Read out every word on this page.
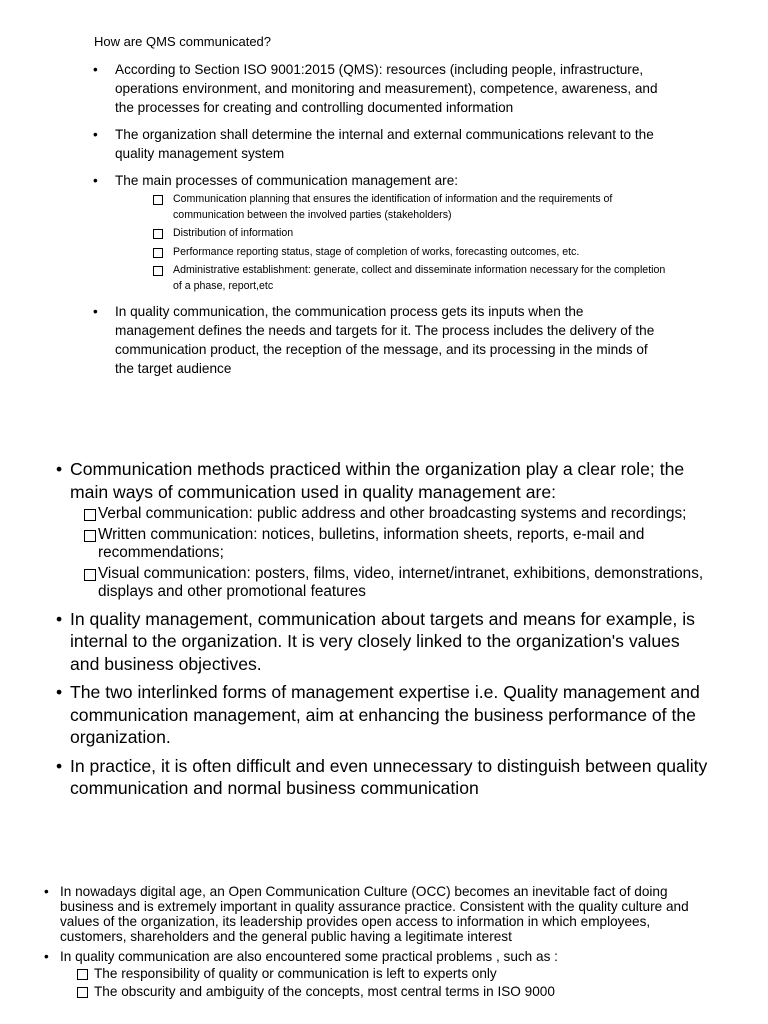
How are QMS communicated?
• According to Section ISO 9001:2015 (QMS): resources (including people, infrastructure, operations environment, and monitoring and measurement), competence, awareness, and the processes for creating and controlling documented information
• The organization shall determine the internal and external communications relevant to the quality management system
• The main processes of communication management are:
Communication planning that ensures the identification of information and the requirements of communication between the involved parties (stakeholders)
Distribution of information
Performance reporting status, stage of completion of works, forecasting outcomes, etc.
Administrative establishment: generate, collect and disseminate information necessary for the completion of a phase, report,etc
• In quality communication, the communication process gets its inputs when the management defines the needs and targets for it. The process includes the delivery of the communication product, the reception of the message, and its processing in the minds of the target audience
• Communication methods practiced within the organization play a clear role; the main ways of communication used in quality management are:
Verbal communication: public address and other broadcasting systems and recordings;
Written communication: notices, bulletins, information sheets, reports, e-mail and recommendations;
Visual communication: posters, films, video, internet/intranet, exhibitions, demonstrations, displays and other promotional features
• In quality management, communication about targets and means for example, is internal to the organization. It is very closely linked to the organization's values and business objectives.
• The two interlinked forms of management expertise i.e. Quality management and communication management, aim at enhancing the business performance of the organization.
• In practice, it is often difficult and even unnecessary to distinguish between quality communication and normal business communication
• In nowadays digital age, an Open Communication Culture (OCC) becomes an inevitable fact of doing business and is extremely important in quality assurance practice. Consistent with the quality culture and values of the organization, its leadership provides open access to information in which employees, customers, shareholders and the general public having a legitimate interest
• In quality communication are also encountered some practical problems , such as :
The responsibility of quality or communication is left to experts only
The obscurity and ambiguity of the concepts, most central terms in ISO 9000
